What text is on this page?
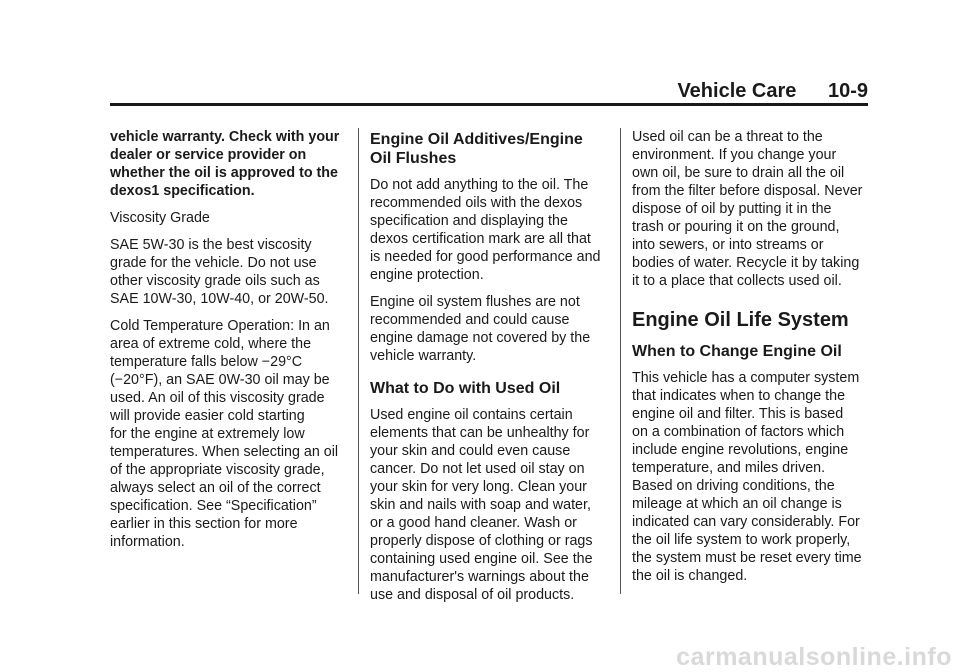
Vehicle Care 10-9

vehicle warranty. Check with your
dealer or service provider on
whether the oil is approved to the
dexos1 specification.

Viscosity Grade

SAE 5W-30 is the best viscosity
grade for the vehicle. Do not use
other viscosity grade oils such as
SAE 10W-30, 10W-40, or 20W-50.

Cold Temperature Operation: In an
area of extreme cold, where the
temperature falls below −29°C
(−20°F), an SAE 0W-30 oil may be
used. An oil of this viscosity grade
will provide easier cold starting
for the engine at extremely low
temperatures. When selecting an oil
of the appropriate viscosity grade,
always select an oil of the correct
specification. See “Specification”
earlier in this section for more
information.

Engine Oil Additives/Engine
Oil Flushes

Do not add anything to the oil. The
recommended oils with the dexos
specification and displaying the
dexos certification mark are all that
is needed for good performance and
engine protection.

Engine oil system flushes are not
recommended and could cause
engine damage not covered by the
vehicle warranty.

What to Do with Used Oil

Used engine oil contains certain
elements that can be unhealthy for
your skin and could even cause
cancer. Do not let used oil stay on
your skin for very long. Clean your
skin and nails with soap and water,
or a good hand cleaner. Wash or
properly dispose of clothing or rags
containing used engine oil. See the
manufacturer's warnings about the
use and disposal of oil products.

Used oil can be a threat to the
environment. If you change your
own oil, be sure to drain all the oil
from the filter before disposal. Never
dispose of oil by putting it in the
trash or pouring it on the ground,
into sewers, or into streams or
bodies of water. Recycle it by taking
it to a place that collects used oil.

Engine Oil Life System
When to Change Engine Oil

This vehicle has a computer system
that indicates when to change the
engine oil and filter. This is based
on a combination of factors which
include engine revolutions, engine
temperature, and miles driven.
Based on driving conditions, the
mileage at which an oil change is
indicated can vary considerably. For
the oil life system to work properly,
the system must be reset every time
the oil is changed.

carmanualsonline.info
